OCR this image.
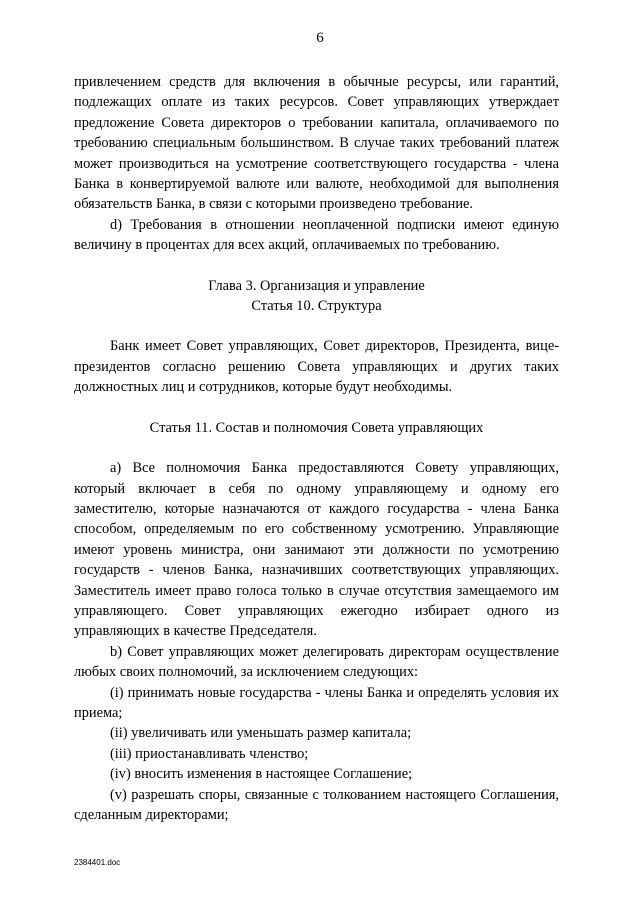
6

привлечением средств для включения в обычные ресурсы, или гарантий, подлежащих оплате из таких ресурсов. Совет управляющих утверждает предложение Совета директоров о требовании капитала, оплачиваемого по требованию специальным большинством. В случае таких требований платеж может производиться на усмотрение соответствующего государства - члена Банка в конвертируемой валюте или валюте, необходимой для выполнения обязательств Банка, в связи с которыми произведено требование.

d) Требования в отношении неоплаченной подписки имеют единую величину в процентах для всех акций, оплачиваемых по требованию.

Глава 3. Организация и управление

Статья 10. Структура

Банк имеет Совет управляющих, Совет директоров, Президента, вице-президентов согласно решению Совета управляющих и других таких должностных лиц и сотрудников, которые будут необходимы.

Статья 11. Состав и полномочия Совета управляющих

a) Все полномочия Банка предоставляются Совету управляющих, который включает в себя по одному управляющему и одному его заместителю, которые назначаются от каждого государства - члена Банка способом, определяемым по его собственному усмотрению. Управляющие имеют уровень министра, они занимают эти должности по усмотрению государств - членов Банка, назначивших соответствующих управляющих. Заместитель имеет право голоса только в случае отсутствия замещаемого им управляющего. Совет управляющих ежегодно избирает одного из управляющих в качестве Председателя.

b) Совет управляющих может делегировать директорам осуществление любых своих полномочий, за исключением следующих:

(i) принимать новые государства - члены Банка и определять условия их приема;

(ii) увеличивать или уменьшать размер капитала;

(iii) приостанавливать членство;

(iv) вносить изменения в настоящее Соглашение;

(v) разрешать споры, связанные с толкованием настоящего Соглашения, сделанным директорами;

2384401.doc
